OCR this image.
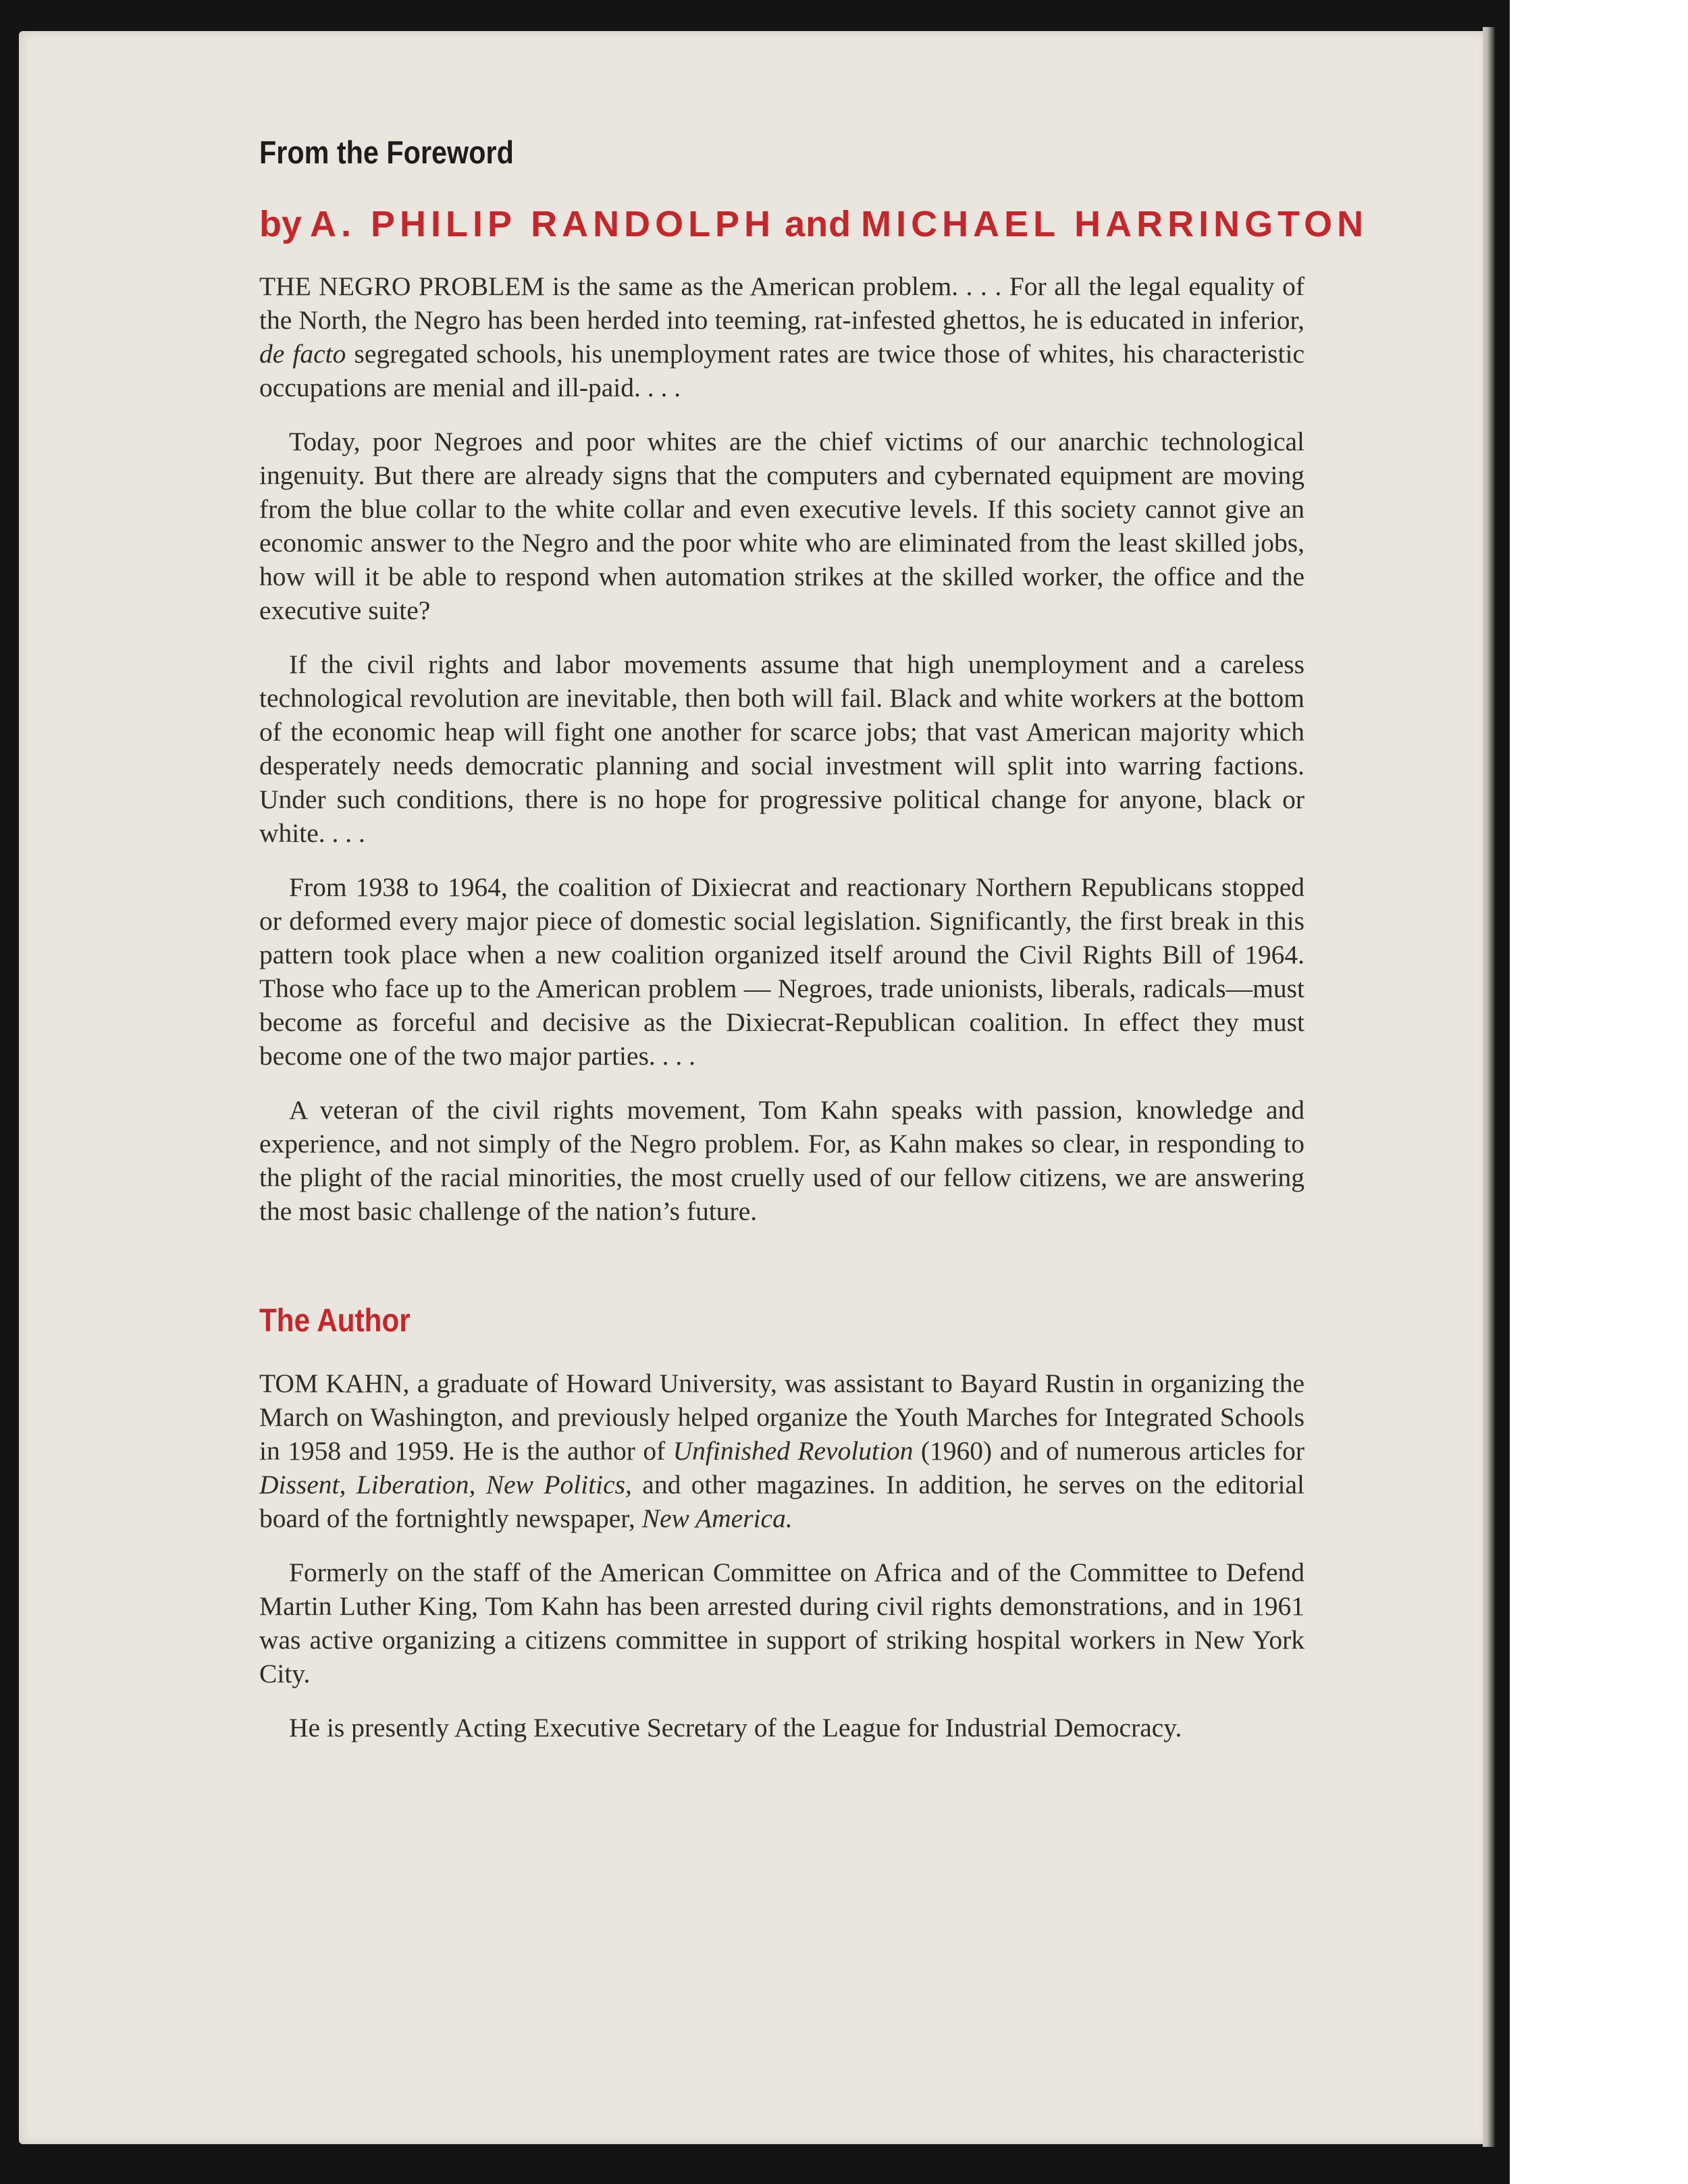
From the Foreword
by A. PHILIP RANDOLPH and MICHAEL HARRINGTON

THE NEGRO PROBLEM is the same as the American problem. . . . For all the legal equality of the North, the Negro has been herded into teeming, rat-infested ghettos, he is educated in inferior, de facto segregated schools, his unemployment rates are twice those of whites, his characteristic occupations are menial and ill-paid. . . .

Today, poor Negroes and poor whites are the chief victims of our anarchic technological ingenuity. But there are already signs that the computers and cybernated equipment are moving from the blue collar to the white collar and even executive levels. If this society cannot give an economic answer to the Negro and the poor white who are eliminated from the least skilled jobs, how will it be able to respond when automation strikes at the skilled worker, the office and the executive suite?

If the civil rights and labor movements assume that high unemployment and a careless technological revolution are inevitable, then both will fail. Black and white workers at the bottom of the economic heap will fight one another for scarce jobs; that vast American majority which desperately needs democratic planning and social investment will split into warring factions. Under such conditions, there is no hope for progressive political change for anyone, black or white. . . .

From 1938 to 1964, the coalition of Dixiecrat and reactionary Northern Republicans stopped or deformed every major piece of domestic social legislation. Significantly, the first break in this pattern took place when a new coalition organized itself around the Civil Rights Bill of 1964. Those who face up to the American problem — Negroes, trade unionists, liberals, radicals—must become as forceful and decisive as the Dixiecrat-Republican coalition. In effect they must become one of the two major parties. . . .

A veteran of the civil rights movement, Tom Kahn speaks with passion, knowledge and experience, and not simply of the Negro problem. For, as Kahn makes so clear, in responding to the plight of the racial minorities, the most cruelly used of our fellow citizens, we are answering the most basic challenge of the nation’s future.

The Author

TOM KAHN, a graduate of Howard University, was assistant to Bayard Rustin in organizing the March on Washington, and previously helped organize the Youth Marches for Integrated Schools in 1958 and 1959. He is the author of Unfinished Revolution (1960) and of numerous articles for Dissent, Liberation, New Politics, and other magazines. In addition, he serves on the editorial board of the fortnightly newspaper, New America.

Formerly on the staff of the American Committee on Africa and of the Committee to Defend Martin Luther King, Tom Kahn has been arrested during civil rights demonstrations, and in 1961 was active organizing a citizens committee in support of striking hospital workers in New York City.

He is presently Acting Executive Secretary of the League for Industrial Democracy.
